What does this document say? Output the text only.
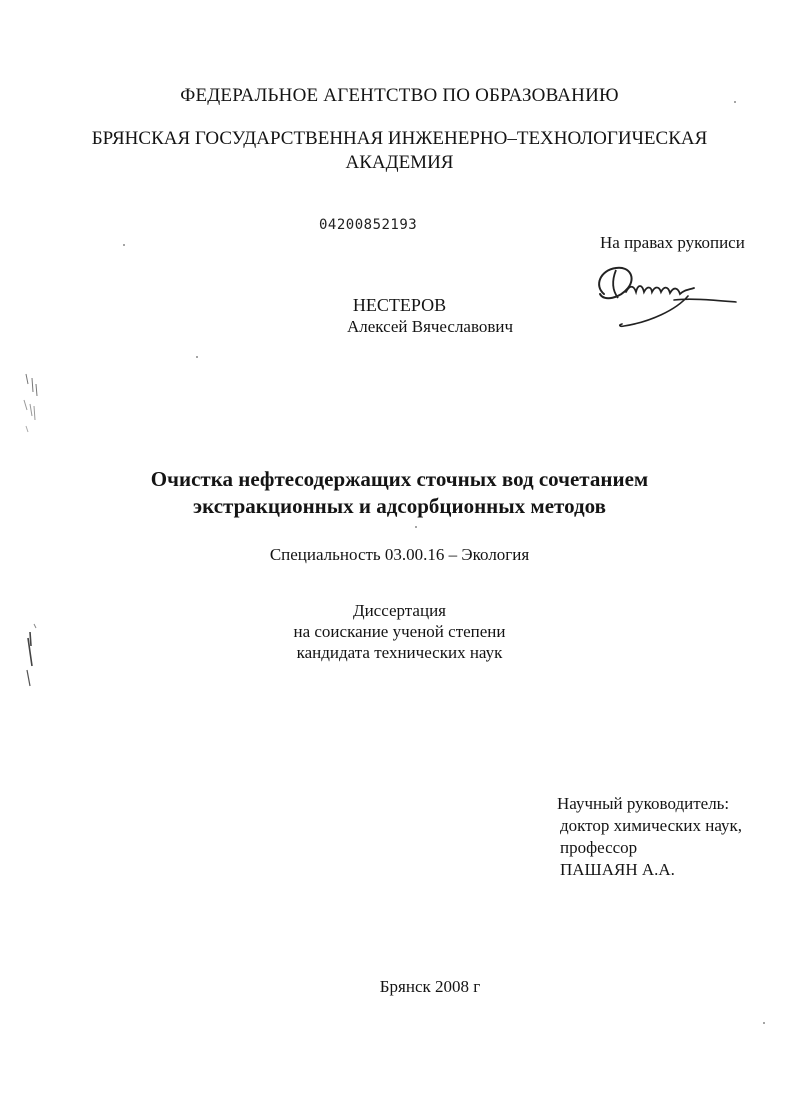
ФЕДЕРАЛЬНОЕ АГЕНТСТВО ПО ОБРАЗОВАНИЮ
БРЯНСКАЯ ГОСУДАРСТВЕННАЯ ИНЖЕНЕРНО–ТЕХНОЛОГИЧЕСКАЯ
АКАДЕМИЯ
04200852193
На правах рукописи
НЕСТЕРОВ
Алексей Вячеславович
Очистка нефтесодержащих сточных вод сочетанием
экстракционных и адсорбционных методов
Специальность 03.00.16 – Экология
Диссертация
на соискание ученой степени
кандидата технических наук
Научный руководитель:
доктор химических наук,
профессор
ПАШАЯН А.А.
Брянск 2008 г
